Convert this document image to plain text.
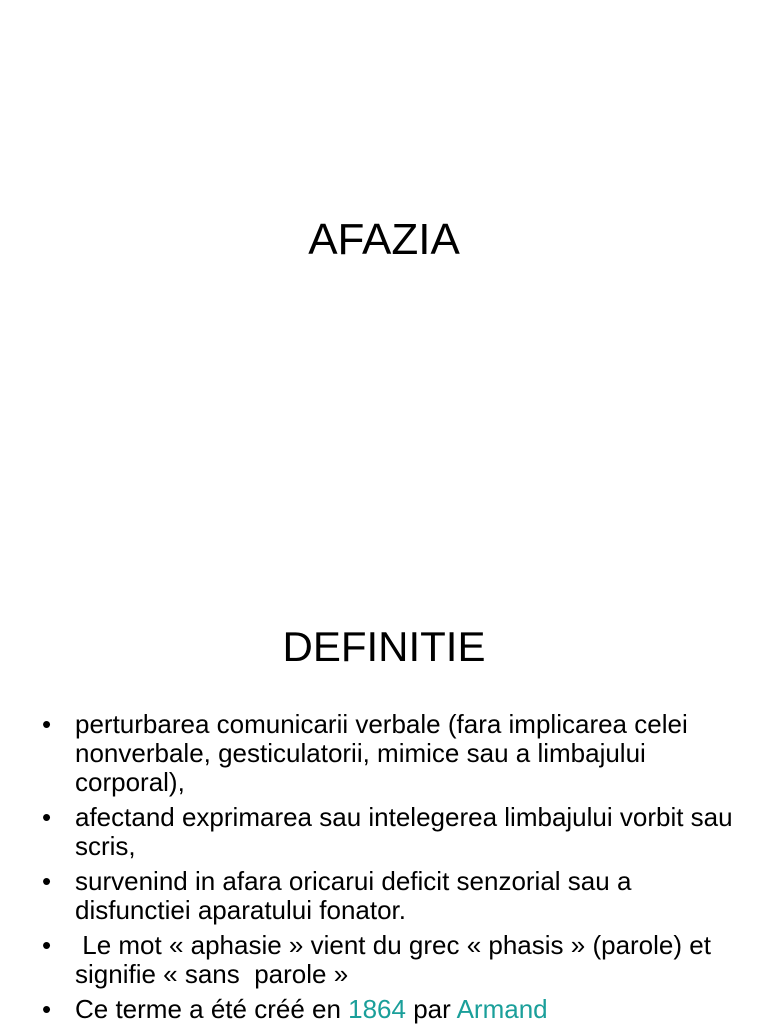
AFAZIA
DEFINITIE
• perturbarea comunicarii verbale (fara implicarea celei nonverbale, gesticulatorii, mimice sau a limbajului corporal),
• afectand exprimarea sau intelegerea limbajului vorbit sau scris,
• survenind in afara oricarui deficit senzorial sau a disfunctiei aparatului fonator.
• Le mot « aphasie » vient du grec « phasis » (parole) et signifie « sans  parole »
• Ce terme a été créé en 1864 par Armand
